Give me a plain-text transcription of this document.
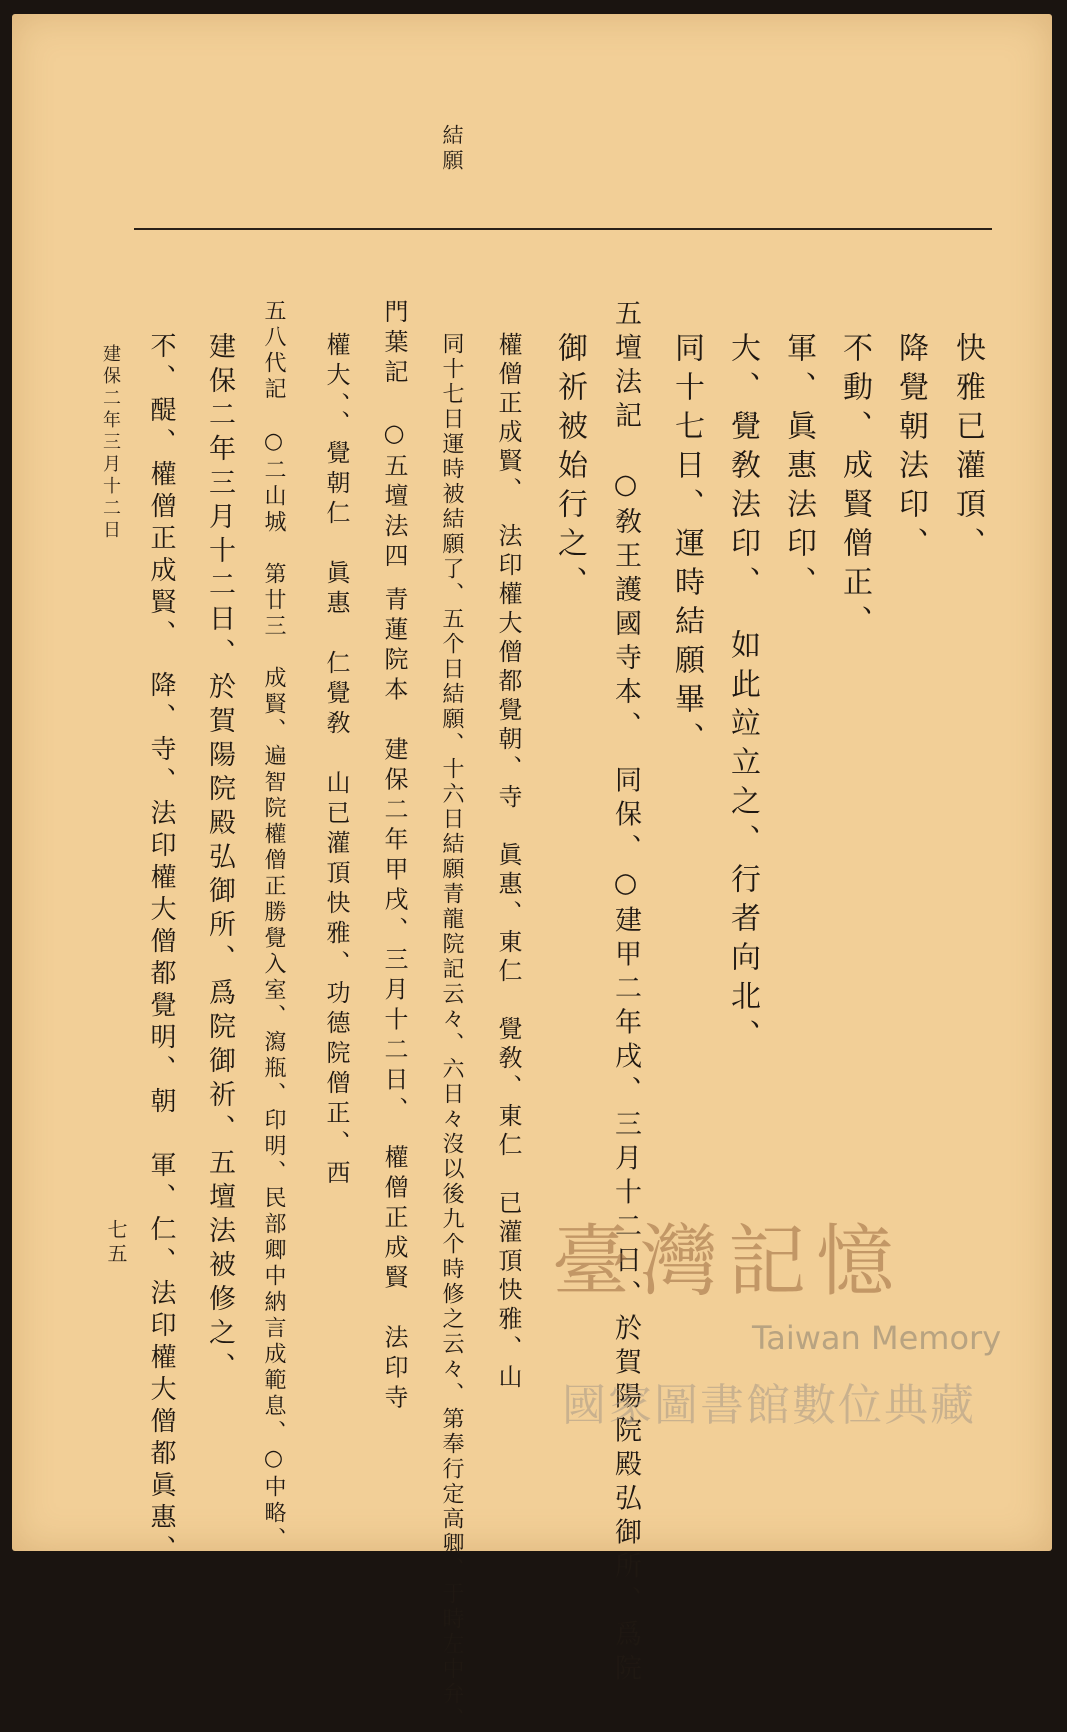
結願
快雅已灌頂、
降覺朝法印、
不動、成賢僧正、
軍、眞惠法印、
大、覺敎法印、　如此竝立之、行者向北、
同十七日、運時結願畢、
五壇法記　○敎王護國寺本、　同保、○建甲二年戌、三月十二日、於賀陽院殿弘御所、爲院
御祈被始行之、
權僧正成賢、　法印權大僧都覺朝、寺　眞惠、東仁　覺敎、東仁　已灌頂快雅、山
同十七日運時被結願了、五个日結願、十六日結願青龍院記云々、六日々沒以後九个時修之云々、第奉行定高卿、于時左中弁、
門葉記　○五壇法四 青蓮院本　建保二年甲戌、三月十二日、　權僧正成賢　法印寺
權大、、覺朝仁　眞惠　仁覺敎　山已灌頂快雅、功德院僧正、西
五八代記　○二山城　第廿三　成賢、遍智院權僧正勝覺入室、瀉瓶、印明、民部卿中納言成範息、○中略、
建保二年三月十二日、於賀陽院殿弘御所、爲院御祈、五壇法被修之、
不、醍、權僧正成賢、　降、寺、法印權大僧都覺明、朝　軍、仁、法印權大僧都眞惠、
建保二年三月十二日
七五	臺灣記憶
Taiwan Memory
國家圖書館數位典藏
